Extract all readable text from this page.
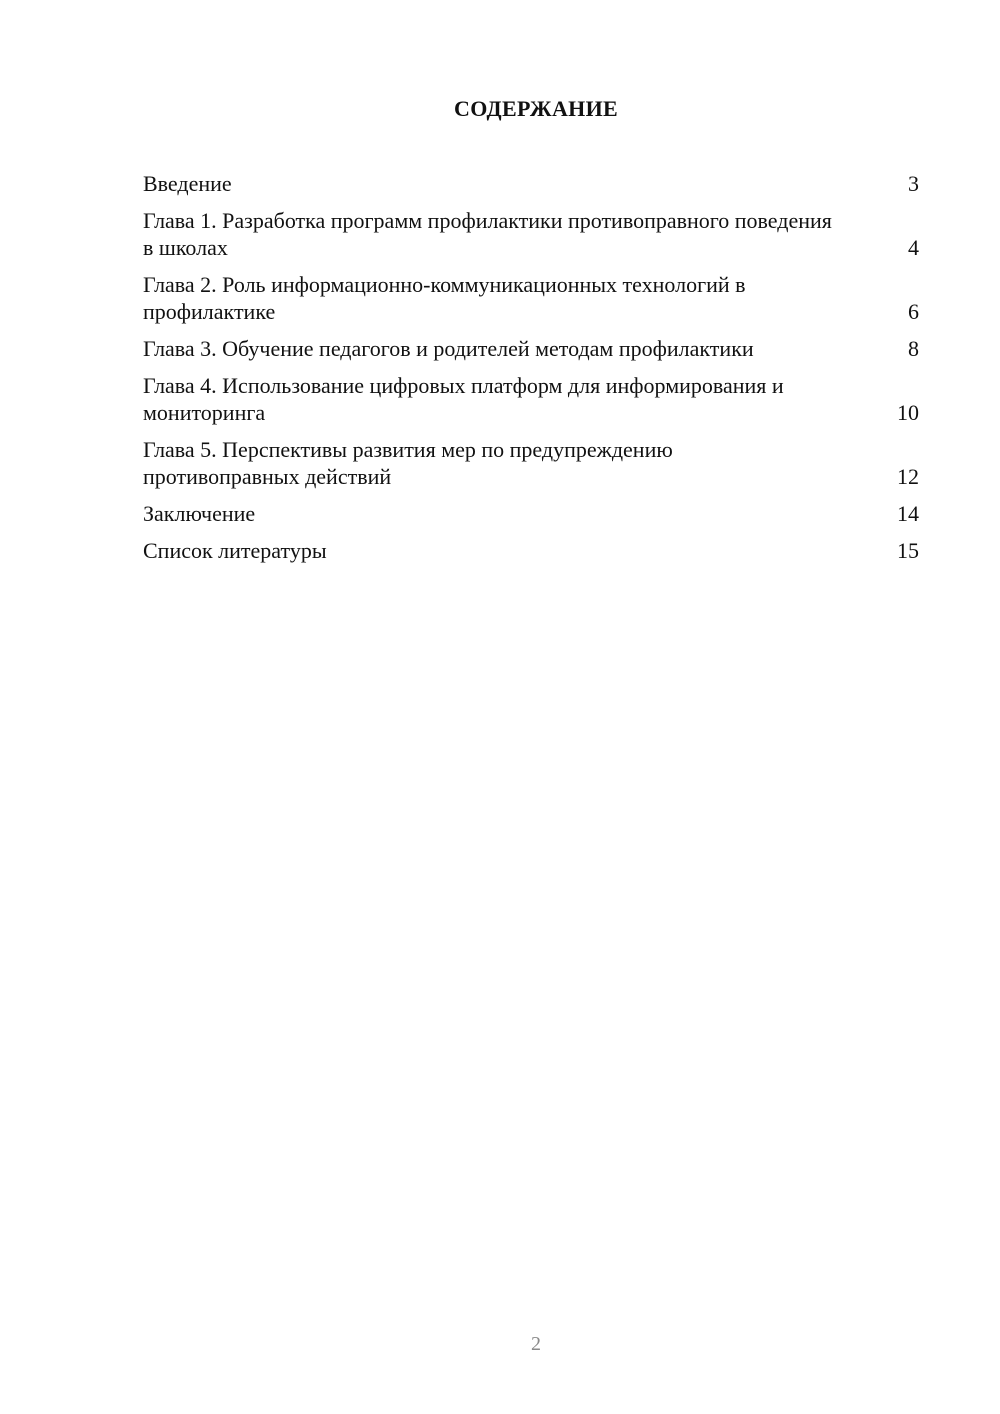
СОДЕРЖАНИЕ
Введение	3
Глава 1. Разработка программ профилактики противоправного поведения в школах	4
Глава 2. Роль информационно-коммуникационных технологий в профилактике	6
Глава 3. Обучение педагогов и родителей методам профилактики	8
Глава 4. Использование цифровых платформ для информирования и мониторинга	10
Глава 5. Перспективы развития мер по предупреждению противоправных действий	12
Заключение	14
Список литературы	15
2
